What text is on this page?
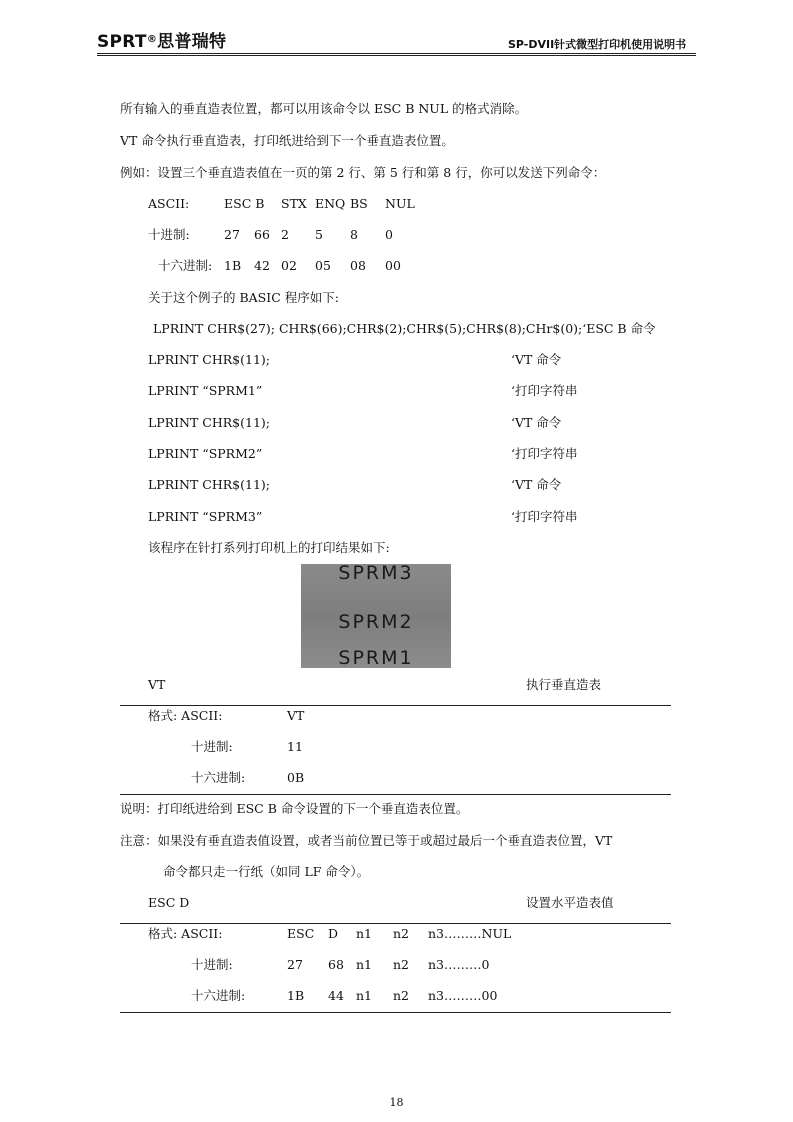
SPRT®思普瑞特	SP-DVII针式微型打印机使用说明书
所有输入的垂直造表位置，都可以用该命令以 ESC B NUL 的格式消除。
VT 命令执行垂直造表，打印纸进给到下一个垂直造表位置。
例如：设置三个垂直造表值在一页的第 2 行、第 5 行和第 8 行，你可以发送下列命令：
ASCII:	ESC B STX ENQ BS NUL
十进制:	27 66 2 5 8 0
十六进制: 1B 42 02 05 08 00
关于这个例子的 BASIC 程序如下:
LPRINT CHR$(27); CHR$(66);CHR$(2);CHR$(5);CHR$(8);CHr$(0);‘ESC B 命令
LPRINT CHR$(11);	‘VT 命令
LPRINT “SPRM1”	‘打印字符串
LPRINT CHR$(11);	‘VT 命令
LPRINT “SPRM2”	‘打印字符串
LPRINT CHR$(11);	‘VT 命令
LPRINT “SPRM3”	‘打印字符串
该程序在针打系列打印机上的打印结果如下:
SPRM3
SPRM2
SPRM1
VT	执行垂直造表
格式: ASCII:	VT
十进制:	11
十六进制:	0B
说明：打印纸进给到 ESC B 命令设置的下一个垂直造表位置。
注意：如果没有垂直造表值设置，或者当前位置已等于或超过最后一个垂直造表位置，VT
命令都只走一行纸（如同 LF 命令）。
ESC D	设置水平造表值
格式: ASCII:	ESC D n1 n2 n3………NUL
十进制:	27 68 n1 n2 n3………0
十六进制:	1B 44 n1 n2 n3………00
18
